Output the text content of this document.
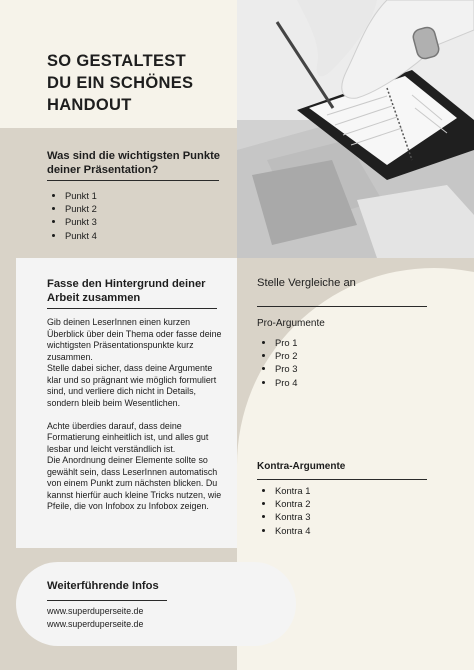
SO GESTALTEST
DU EIN SCHÖNES
HANDOUT
Was sind die wichtigsten Punkte deiner Präsentation?
• Punkt 1
• Punkt 2
• Punkt 3
• Punkt 4
Fasse den Hintergrund deiner Arbeit zusammen

Gib deinen LeserInnen einen kurzen Überblick über dein Thema oder fasse deine wichtigsten Präsentationspunkte kurz zusammen.

Stelle dabei sicher, dass deine Argumente klar und so prägnant wie möglich formuliert sind, und verliere dich nicht in Details, sondern bleib beim Wesentlichen.

Achte überdies darauf, dass deine Formatierung einheitlich ist, und alles gut lesbar und leicht verständlich ist.

Die Anordnung deiner Elemente sollte so gewählt sein, dass LeserInnen automatisch von einem Punkt zum nächsten blicken. Du kannst hierfür auch kleine Tricks nutzen, wie Pfeile, die von Infobox zu Infobox zeigen.

Stelle Vergleiche an
Pro-Argumente
• Pro 1
• Pro 2
• Pro 3
• Pro 4
Kontra-Argumente
• Kontra 1
• Kontra 2
• Kontra 3
• Kontra 4
Weiterführende Infos
www.superduperseite.de
www.superduperseite.de
